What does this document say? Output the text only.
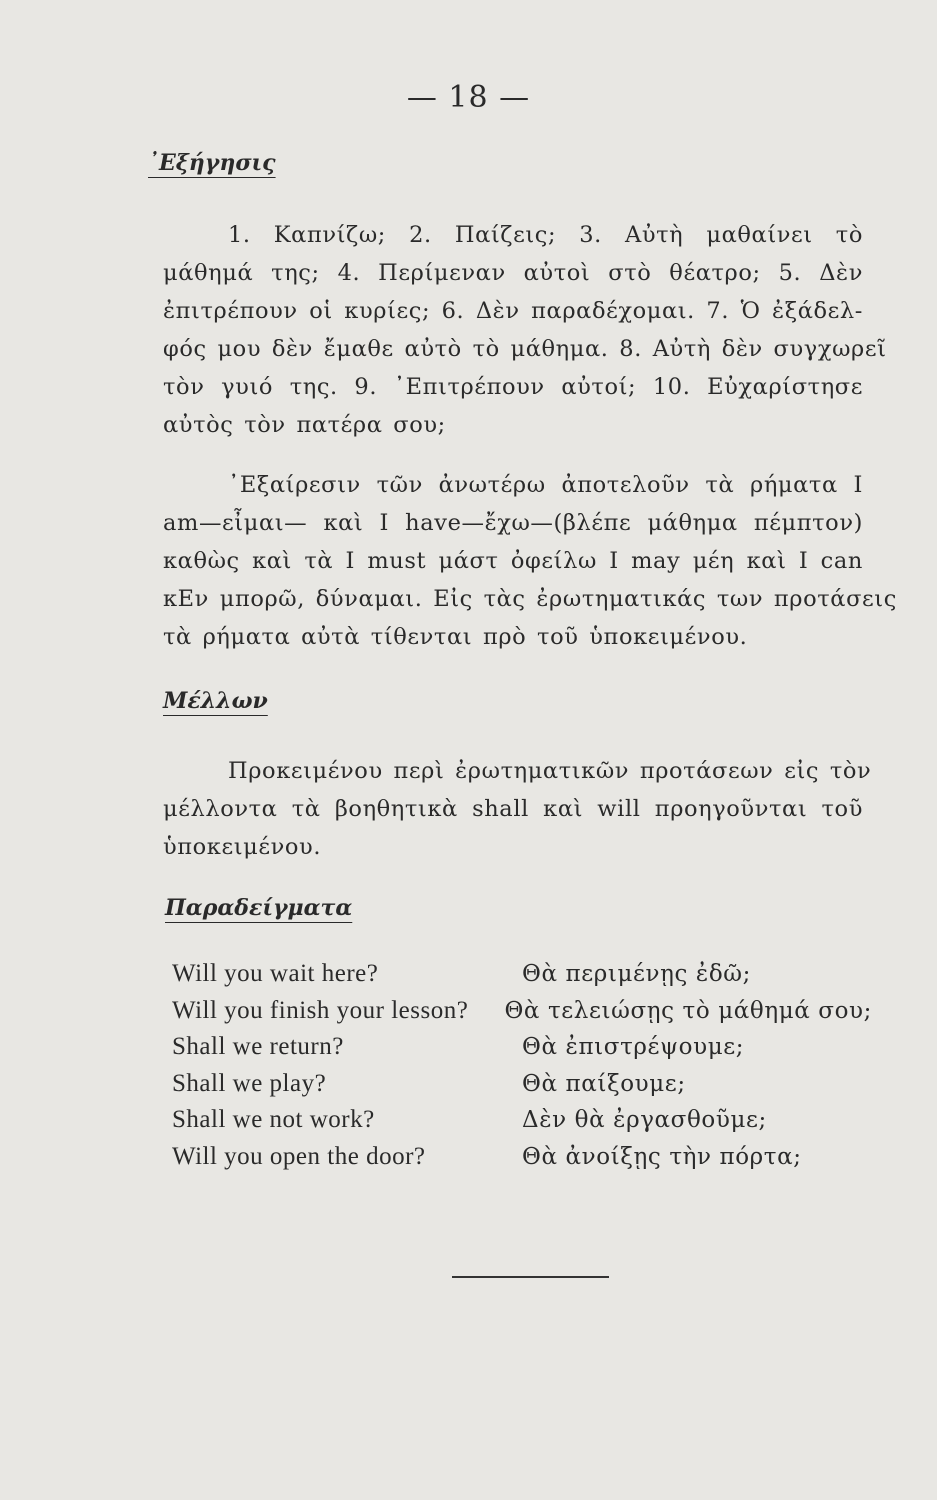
— 18 —
᾿Εξήγησις
1. Καπνίζω; 2. Παίζεις; 3. Αὐτὴ μαθαίνει τὸ
μάθημά της; 4. Περίμεναν αὐτοὶ στὸ θέατρο; 5. Δὲν
ἐπιτρέπουν οἱ κυρίες; 6. Δὲν παραδέχομαι. 7. Ὁ ἐξάδελ-
φός μου δὲν ἔμαθε αὐτὸ τὸ μάθημα. 8. Αὐτὴ δὲν συγχωρεῖ
τὸν γυιό της. 9. ᾿Επιτρέπουν αὐτοί; 10. Εὐχαρίστησε
αὐτὸς τὸν πατέρα σου;
᾿Εξαίρεσιν τῶν ἀνωτέρω ἀποτελοῦν τὰ ρήματα I
am—εἶμαι— καὶ I have—ἔχω—(βλέπε μάθημα πέμπτον)
καθὼς καὶ τὰ I must μάστ ὀφείλω I may μέη καὶ I can
κΕν μπορῶ, δύναμαι. Εἰς τὰς ἐρωτηματικάς των προτάσεις
τὰ ρήματα αὐτὰ τίθενται πρὸ τοῦ ὑποκειμένου.
Μέλλων
Προκειμένου περὶ ἐρωτηματικῶν προτάσεων εἰς τὸν
μέλλοντα τὰ βοηθητικὰ shall καὶ will προηγοῦνται τοῦ
ὑποκειμένου.
Παραδείγματα
Will you wait here?	Θὰ περιμένῃς ἐδῶ;
Will you finish your lesson?	Θὰ τελειώσῃς τὸ μάθημά σου;
Shall we return?	Θὰ ἐπιστρέψουμε;
Shall we play?	Θὰ παίξουμε;
Shall we not work?	Δὲν θὰ ἐργασθοῦμε;
Will you open the door?	Θὰ ἀνοίξῃς τὴν πόρτα;
